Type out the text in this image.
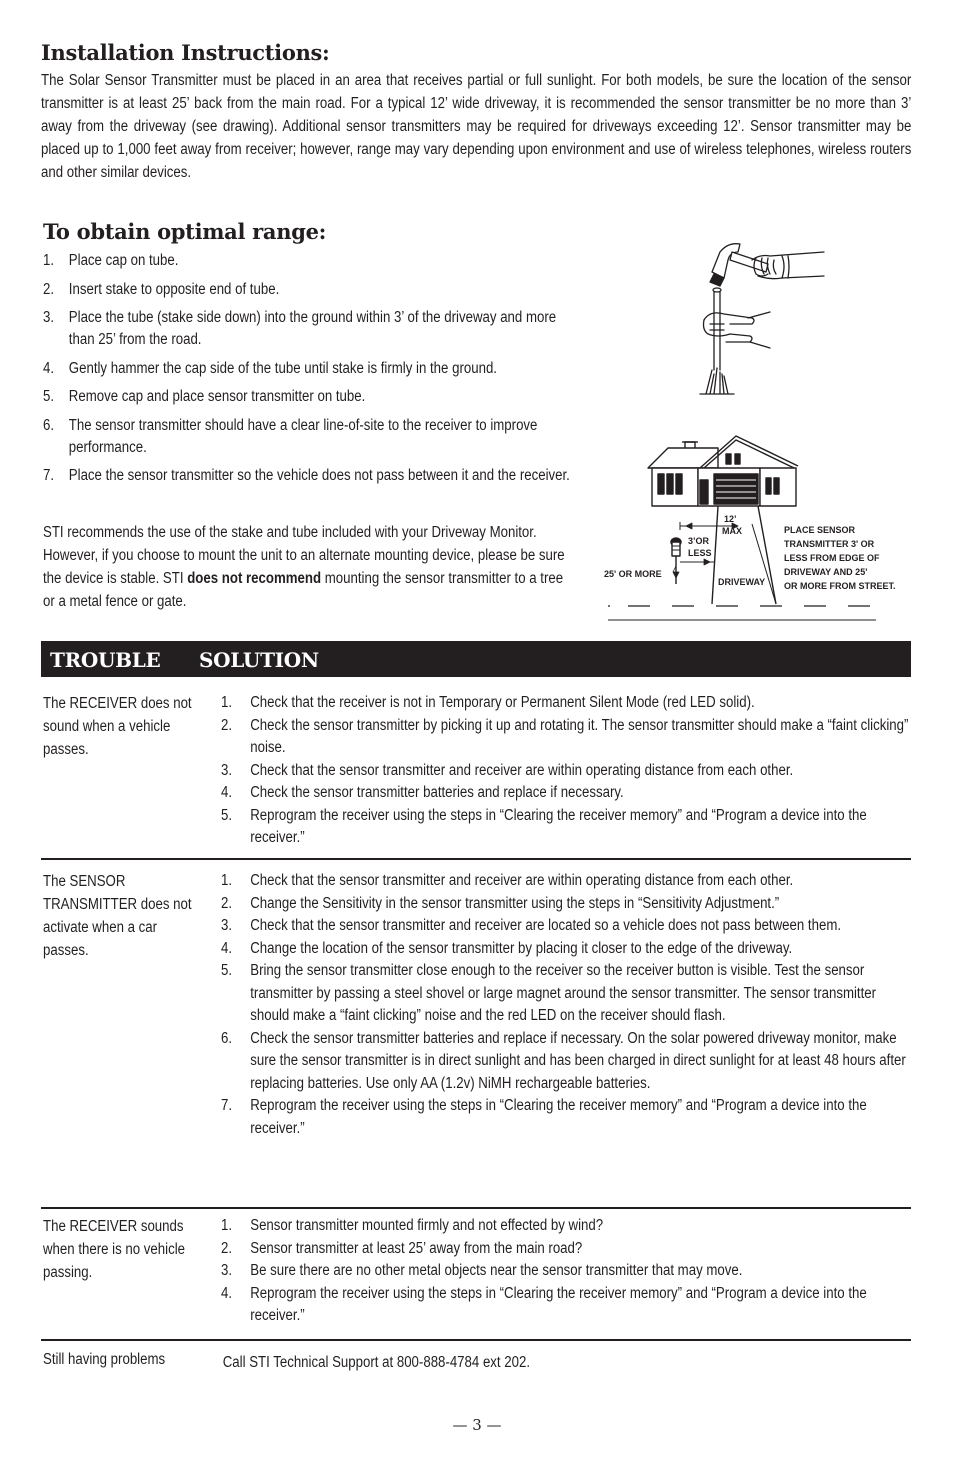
Installation Instructions:
The Solar Sensor Transmitter must be placed in an area that receives partial or full sunlight. For both models, be sure the location of the sensor transmitter is at least 25’ back from the main road. For a typical 12’ wide driveway, it is recommended the sensor transmitter be no more than 3’ away from the driveway (see drawing). Additional sensor transmitters may be required for driveways exceeding 12’. Sensor transmitter may be placed up to 1,000 feet away from receiver; however, range may vary depending upon environment and use of wireless telephones, wireless routers and other similar devices.
To obtain optimal range:
1. Place cap on tube.
2. Insert stake to opposite end of tube.
3. Place the tube (stake side down) into the ground within 3’ of the driveway and more than 25’ from the road.
4. Gently hammer the cap side of the tube until stake is firmly in the ground.
5. Remove cap and place sensor transmitter on tube.
6. The sensor transmitter should have a clear line-of-site to the receiver to improve performance.
7. Place the sensor transmitter so the vehicle does not pass between it and the receiver.
STI recommends the use of the stake and tube included with your Driveway Monitor. However, if you choose to mount the unit to an alternate mounting device, please be sure the device is stable. STI does not recommend mounting the sensor transmitter to a tree or a metal fence or gate.
12’
MAX
3’OR
LESS
25' OR MORE
DRIVEWAY
PLACE SENSOR
TRANSMITTER 3' OR
LESS FROM EDGE OF
DRIVEWAY AND 25'
OR MORE FROM STREET.
TROUBLE SOLUTION
The RECEIVER does not sound when a vehicle passes.
1.	Check that the receiver is not in Temporary or Permanent Silent Mode (red LED solid).
2.	Check the sensor transmitter by picking it up and rotating it. The sensor transmitter should make a “faint clicking” noise.
3.	Check that the sensor transmitter and receiver are within operating distance from each other.
4.	Check the sensor transmitter batteries and replace if necessary.
5.	Reprogram the receiver using the steps in “Clearing the receiver memory” and “Program a device into the receiver.”
The SENSOR TRANSMITTER does not activate when a car passes.
1.	Check that the sensor transmitter and receiver are within operating distance from each other.
2.	Change the Sensitivity in the sensor transmitter using the steps in “Sensitivity Adjustment.”
3.	Check that the sensor transmitter and receiver are located so a vehicle does not pass between them.
4.	Change the location of the sensor transmitter by placing it closer to the edge of the driveway.
5.	Bring the sensor transmitter close enough to the receiver so the receiver button is visible. Test the sensor transmitter by passing a steel shovel or large magnet around the sensor transmitter. The sensor transmitter should make a “faint clicking” noise and the red LED on the receiver should flash.
6.	Check the sensor transmitter batteries and replace if necessary. On the solar powered driveway monitor, make sure the sensor transmitter is in direct sunlight and has been charged in direct sunlight for at least 48 hours after replacing batteries. Use only AA (1.2v) NiMH rechargeable batteries.
7.	Reprogram the receiver using the steps in “Clearing the receiver memory” and “Program a device into the receiver.”
The RECEIVER sounds when there is no vehicle passing.
1.	Sensor transmitter mounted firmly and not effected by wind?
2.	Sensor transmitter at least 25’ away from the main road?
3.	Be sure there are no other metal objects near the sensor transmitter that may move.
4.	Reprogram the receiver using the steps in “Clearing the receiver memory” and “Program a device into the receiver.”
Still having problems	Call STI Technical Support at 800-888-4784 ext 202.
— 3 —
